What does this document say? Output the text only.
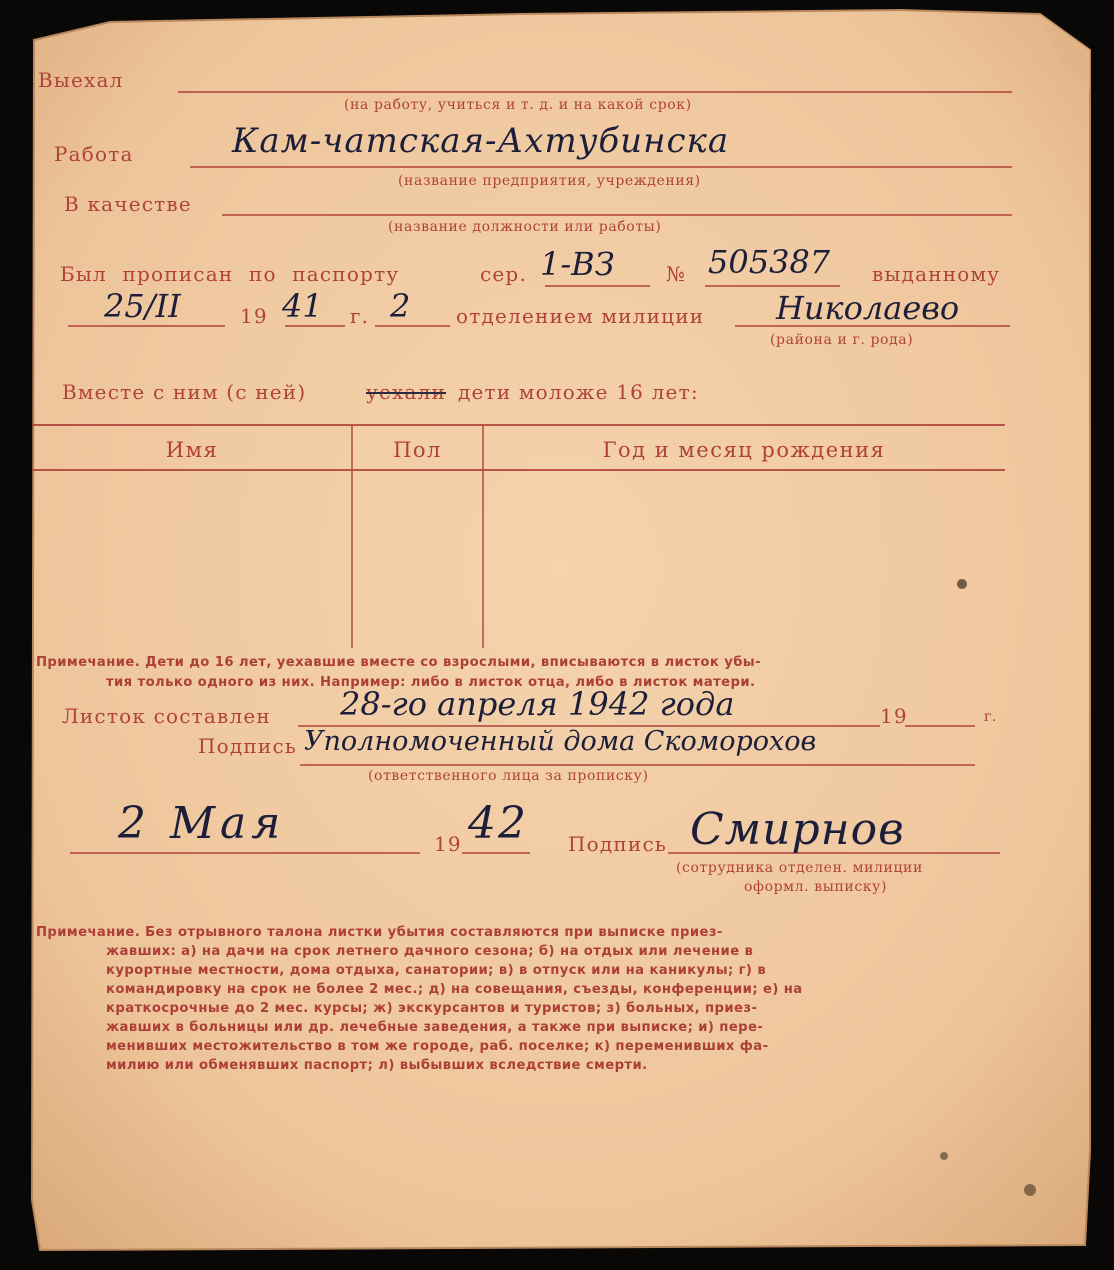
Выехал
(на работу, учиться и т. д. и на какой срок)
Работа	Кам-чатская-Ахтубинска
(название предприятия, учреждения)
В качестве
(название должности или работы)
Был прописан по паспорту	сер. 1-ВЗ	№ 505387 выданному
25/II	19 41 г. 2 отделением милиции Николаево
(района и г. рода)
Вместе с ним (с ней)	уехали дети моложе 16 лет:
Имя	Пол	Год и месяц рождения
Примечание. Дети до 16 лет, уехавшие вместе со взрослыми, вписываются в листок убы-
тия только одного из них. Например: либо в листок отца, либо в листок матери.
Листок составлен 28-го апреля 1942 года	19	г.
Подпись Уполномоченный дома Скоморохов
(ответственного лица за прописку)
2 Мая	19 42 Подпись Смирнов
(сотрудника отделен. милиции
оформл. выписку)
Примечание. Без отрывного талона листки убытия составляются при выписке приез-
жавших: а) на дачи на срок летнего дачного сезона; б) на отдых или лечение в
курортные местности, дома отдыха, санатории; в) в отпуск или на каникулы; г) в
командировку на срок не более 2 мес.; д) на совещания, съезды, конференции; е) на
краткосрочные до 2 мес. курсы; ж) экскурсантов и туристов; з) больных, приез-
жавших в больницы или др. лечебные заведения, а также при выписке; и) пере-
менивших местожительство в том же городе, раб. поселке; к) переменивших фа-
милию или обменявших паспорт; л) выбывших вследствие смерти.
